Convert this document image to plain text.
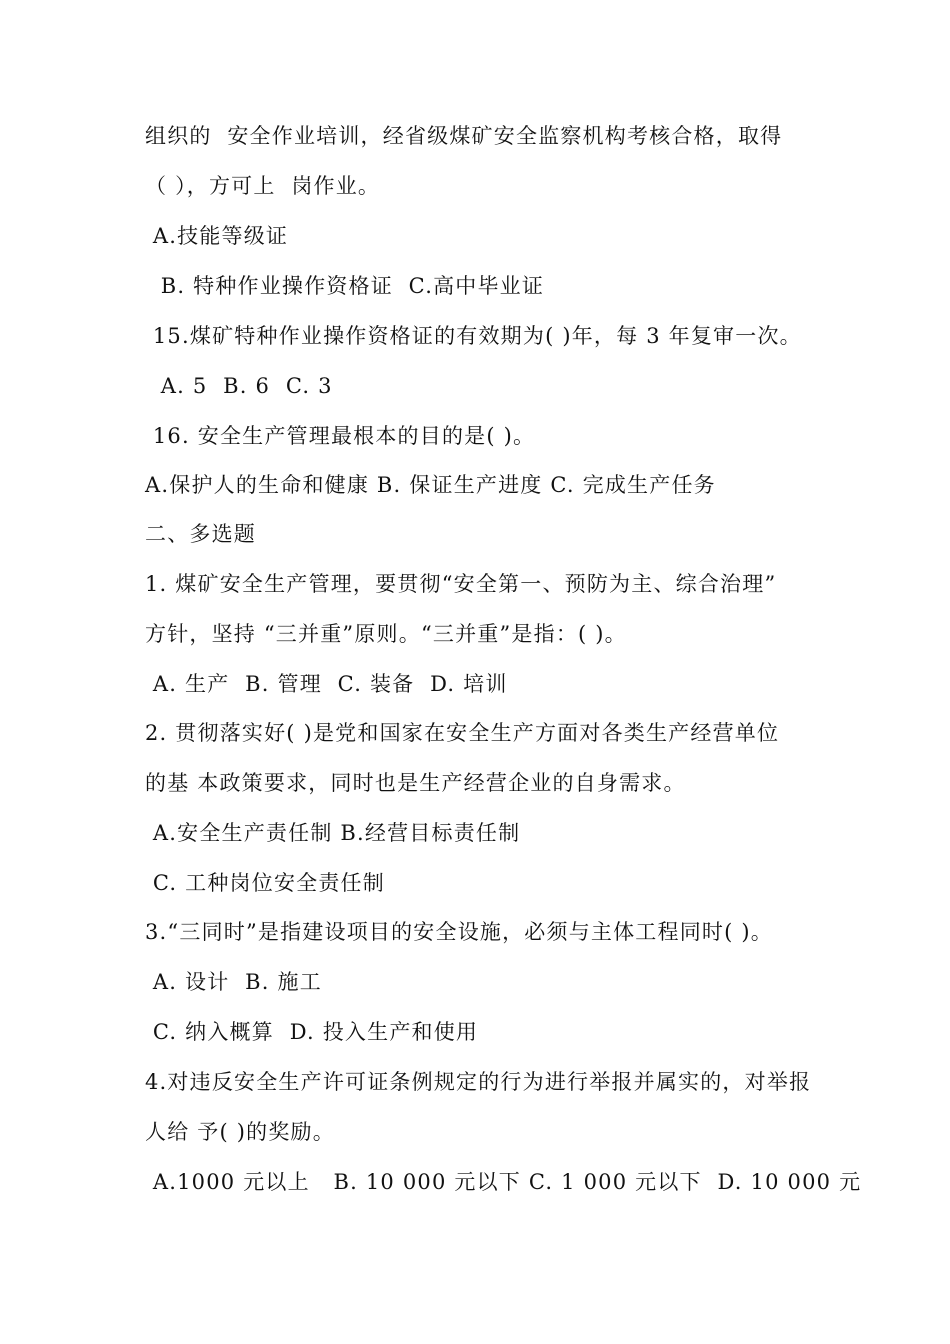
组织的  安全作业培训，经省级煤矿安全监察机构考核合格，取得
（ ），方可上  岗作业。
A.技能等级证
B. 特种作业操作资格证  C.高中毕业证
15.煤矿特种作业操作资格证的有效期为( )年，每 3 年复审一次。
A. 5  B. 6  C. 3
16. 安全生产管理最根本的目的是( )。
A.保护人的生命和健康 B. 保证生产进度 C. 完成生产任务
二、多选题
1. 煤矿安全生产管理，要贯彻“安全第一、预防为主、综合治理”
方针，坚持 “三并重”原则。“三并重”是指：( )。
A. 生产  B. 管理  C. 装备  D. 培训
2. 贯彻落实好( )是党和国家在安全生产方面对各类生产经营单位
的基 本政策要求，同时也是生产经营企业的自身需求。
A.安全生产责任制 B.经营目标责任制
C. 工种岗位安全责任制
3.“三同时”是指建设项目的安全设施，必须与主体工程同时( )。
A. 设计  B. 施工
C. 纳入概算  D. 投入生产和使用
4.对违反安全生产许可证条例规定的行为进行举报并属实的，对举报
人给 予( )的奖励。
A.1000 元以上   B. 10 000 元以下 C. 1 000 元以下  D. 10 000 元
